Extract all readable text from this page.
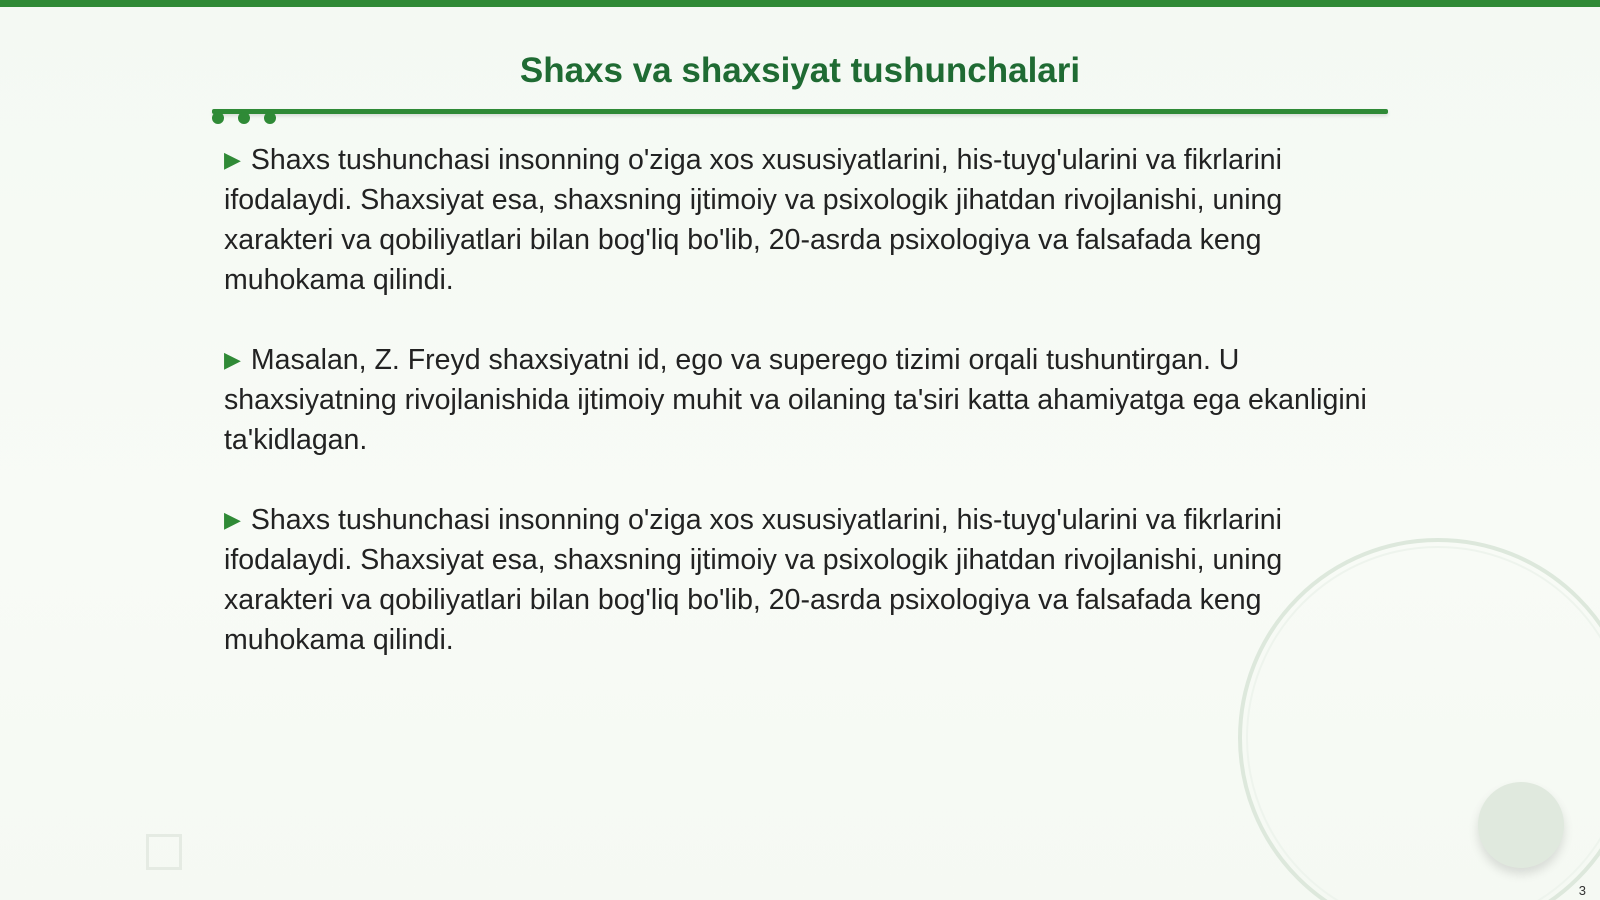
Shaxs va shaxsiyat tushunchalari

▶ Shaxs tushunchasi insonning o'ziga xos xususiyatlarini, his-tuyg'ularini va fikrlarini ifodalaydi. Shaxsiyat esa, shaxsning ijtimoiy va psixologik jihatdan rivojlanishi, uning xarakteri va qobiliyatlari bilan bog'liq bo'lib, 20-asrda psixologiya va falsafada keng muhokama qilindi.

▶ Masalan, Z. Freyd shaxsiyatni id, ego va superego tizimi orqali tushuntirgan. U shaxsiyatning rivojlanishida ijtimoiy muhit va oilaning ta'siri katta ahamiyatga ega ekanligini ta'kidlagan.

▶ Shaxs tushunchasi insonning o'ziga xos xususiyatlarini, his-tuyg'ularini va fikrlarini ifodalaydi. Shaxsiyat esa, shaxsning ijtimoiy va psixologik jihatdan rivojlanishi, uning xarakteri va qobiliyatlari bilan bog'liq bo'lib, 20-asrda psixologiya va falsafada keng muhokama qilindi.

3
